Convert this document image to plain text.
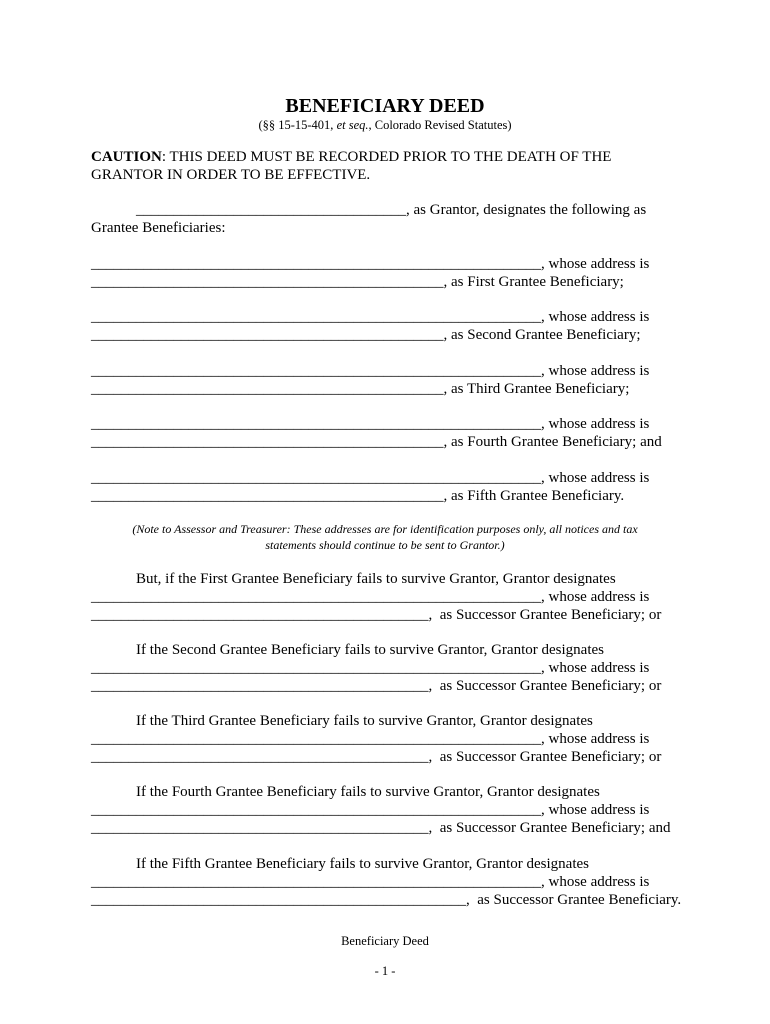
BENEFICIARY DEED
(§§ 15-15-401, et seq., Colorado Revised Statutes)
CAUTION: THIS DEED MUST BE RECORDED PRIOR TO THE DEATH OF THE
GRANTOR IN ORDER TO BE EFFECTIVE.
____________________________________, as Grantor, designates the following as
Grantee Beneficiaries:
____________________________________________________________, whose address is
_______________________________________________, as First Grantee Beneficiary;
____________________________________________________________, whose address is
_______________________________________________, as Second Grantee Beneficiary;
____________________________________________________________, whose address is
_______________________________________________, as Third Grantee Beneficiary;
____________________________________________________________, whose address is
_______________________________________________, as Fourth Grantee Beneficiary; and
____________________________________________________________, whose address is
_______________________________________________, as Fifth Grantee Beneficiary.
(Note to Assessor and Treasurer: These addresses are for identification purposes only, all notices and tax
statements should continue to be sent to Grantor.)
But, if the First Grantee Beneficiary fails to survive Grantor, Grantor designates
____________________________________________________________, whose address is
_____________________________________________,  as Successor Grantee Beneficiary; or
If the Second Grantee Beneficiary fails to survive Grantor, Grantor designates
____________________________________________________________, whose address is
_____________________________________________,  as Successor Grantee Beneficiary; or
If the Third Grantee Beneficiary fails to survive Grantor, Grantor designates
____________________________________________________________, whose address is
_____________________________________________,  as Successor Grantee Beneficiary; or
If the Fourth Grantee Beneficiary fails to survive Grantor, Grantor designates
____________________________________________________________, whose address is
_____________________________________________,  as Successor Grantee Beneficiary; and
If the Fifth Grantee Beneficiary fails to survive Grantor, Grantor designates
____________________________________________________________, whose address is
__________________________________________________,  as Successor Grantee Beneficiary.
Beneficiary Deed
- 1 -
